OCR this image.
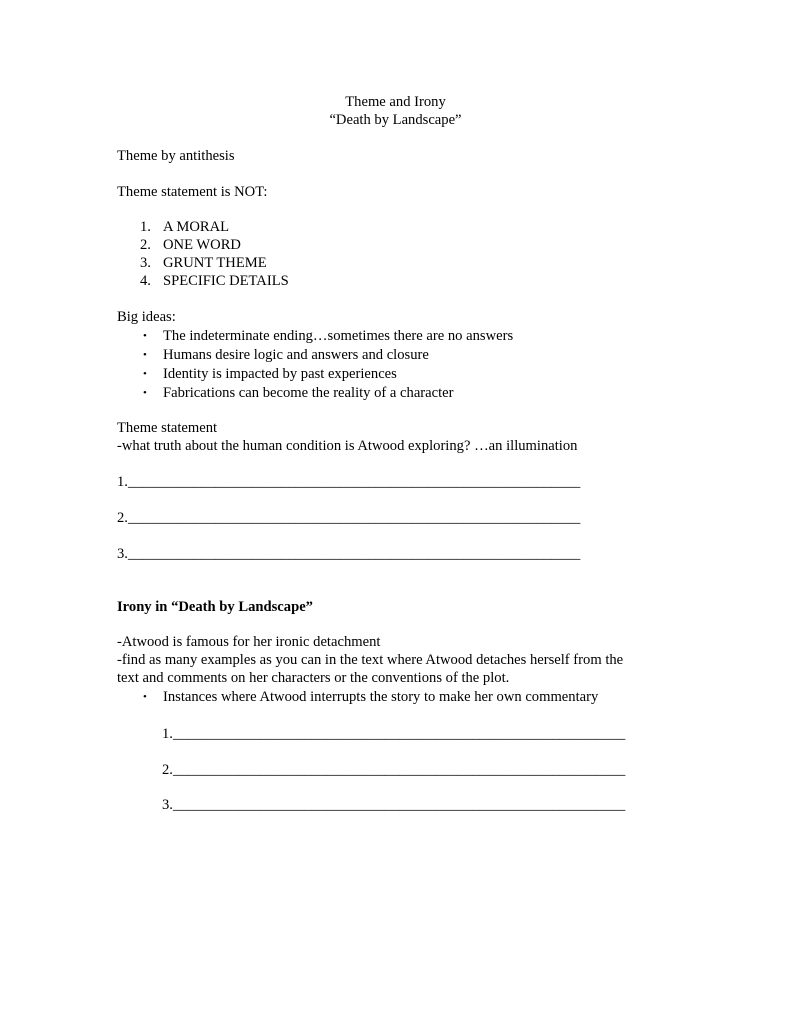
Theme and Irony
“Death by Landscape”
Theme by antithesis
Theme statement is NOT:
1. A MORAL
2. ONE WORD
3. GRUNT THEME
4. SPECIFIC DETAILS
Big ideas:
• The indeterminate ending…sometimes there are no answers
• Humans desire logic and answers and closure
• Identity is impacted by past experiences
• Fabrications can become the reality of a character
Theme statement
-what truth about the human condition is Atwood exploring? …an illumination
1.______________________________________________________________
2.______________________________________________________________
3.______________________________________________________________
Irony in “Death by Landscape”
-Atwood is famous for her ironic detachment
-find as many examples as you can in the text where Atwood detaches herself from the
text and comments on her characters or the conventions of the plot.
• Instances where Atwood interrupts the story to make her own commentary
1.______________________________________________________________
2.______________________________________________________________
3.______________________________________________________________
